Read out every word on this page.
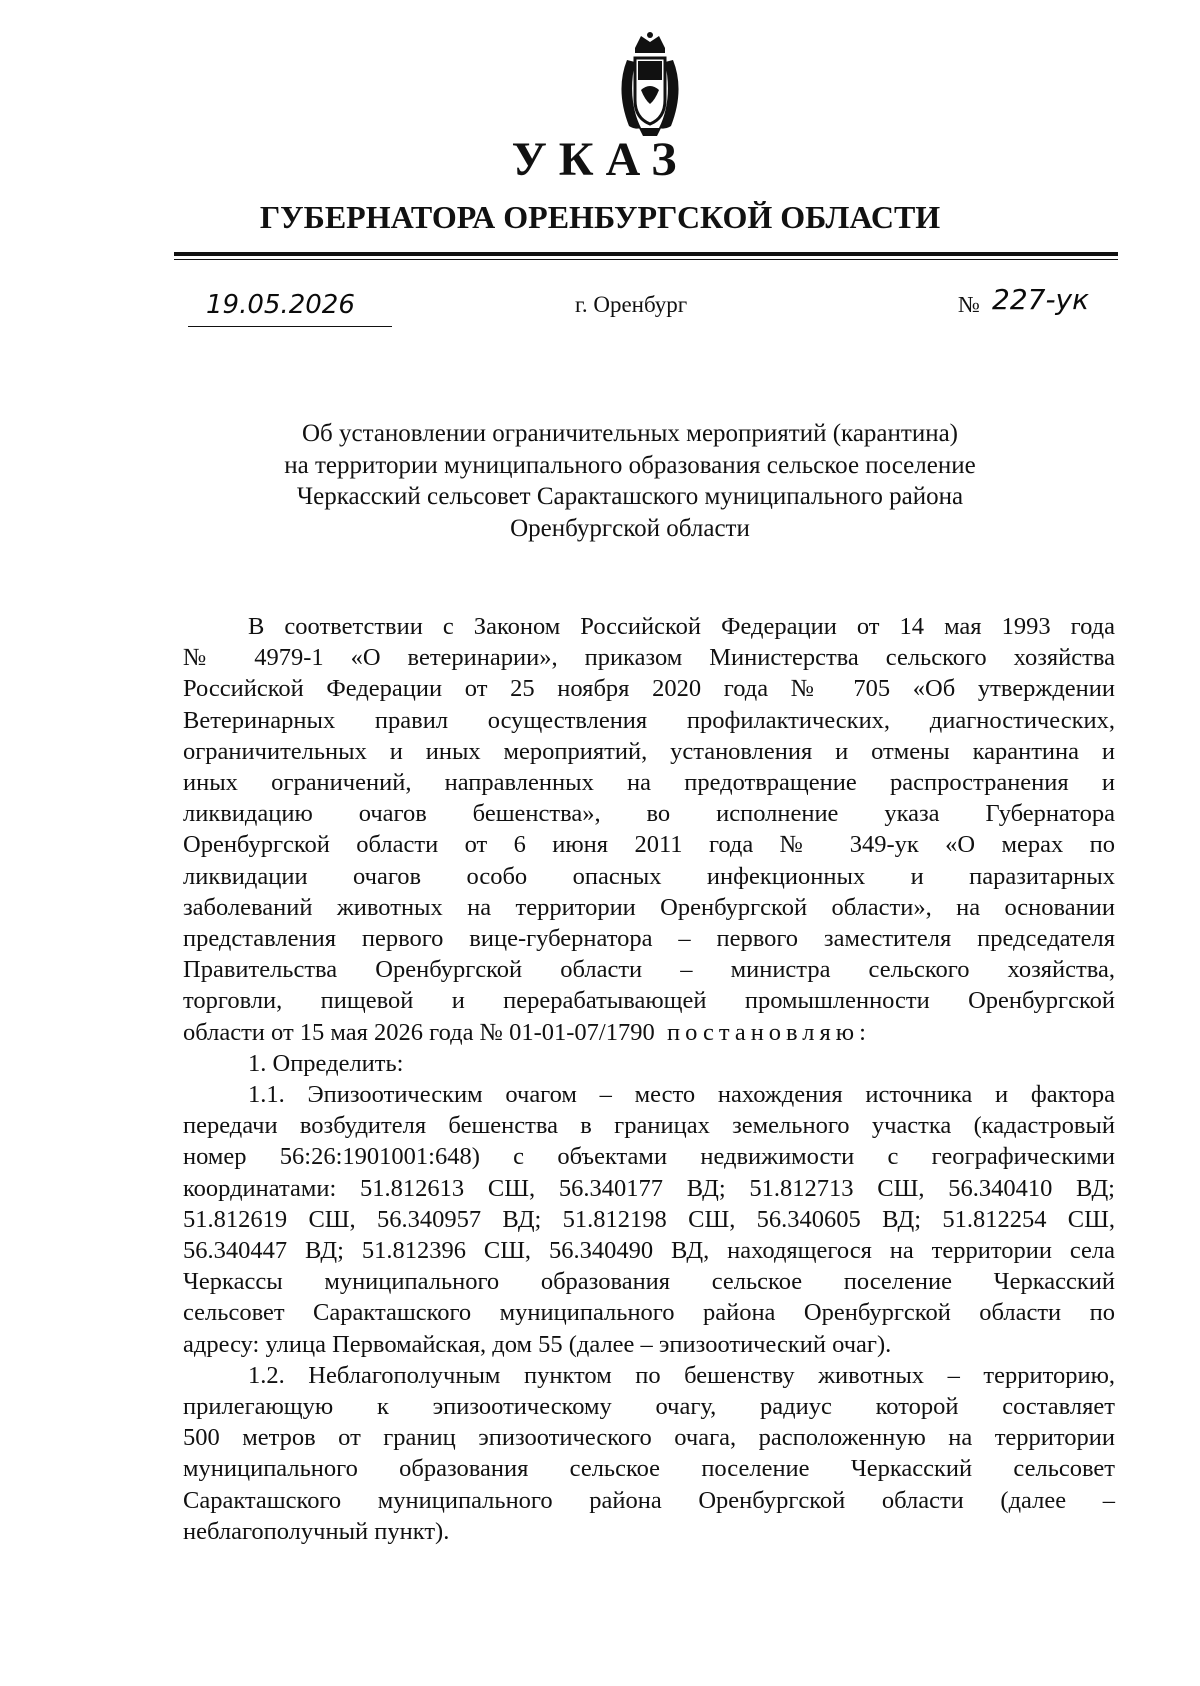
УКАЗ
ГУБЕРНАТОРА ОРЕНБУРГСКОЙ ОБЛАСТИ
19.05.2026	г. Оренбург	№ 227-ук
Об установлении ограничительных мероприятий (карантина)
на территории муниципального образования сельское поселение
Черкасский сельсовет Саракташского муниципального района
Оренбургской области
В соответствии с Законом Российской Федерации от 14 мая 1993 года
№ 4979-1 «О ветеринарии», приказом Министерства сельского хозяйства
Российской Федерации от 25 ноября 2020 года № 705 «Об утверждении
Ветеринарных правил осуществления профилактических, диагностических,
ограничительных и иных мероприятий, установления и отмены карантина и
иных ограничений, направленных на предотвращение распространения и
ликвидацию очагов бешенства», во исполнение указа Губернатора
Оренбургской области от 6 июня 2011 года № 349-ук «О мерах по
ликвидации очагов особо опасных инфекционных и паразитарных
заболеваний животных на территории Оренбургской области», на основании
представления первого вице-губернатора – первого заместителя председателя
Правительства Оренбургской области – министра сельского хозяйства,
торговли, пищевой и перерабатывающей промышленности Оренбургской
области от 15 мая 2026 года № 01-01-07/1790 постановляю:
1. Определить:
1.1. Эпизоотическим очагом – место нахождения источника и фактора
передачи возбудителя бешенства в границах земельного участка (кадастровый
номер 56:26:1901001:648) с объектами недвижимости с географическими
координатами: 51.812613 СШ, 56.340177 ВД; 51.812713 СШ, 56.340410 ВД;
51.812619 СШ, 56.340957 ВД; 51.812198 СШ, 56.340605 ВД; 51.812254 СШ,
56.340447 ВД; 51.812396 СШ, 56.340490 ВД, находящегося на территории села
Черкассы муниципального образования сельское поселение Черкасский
сельсовет Саракташского муниципального района Оренбургской области по
адресу: улица Первомайская, дом 55 (далее – эпизоотический очаг).
1.2. Неблагополучным пунктом по бешенству животных – территорию,
прилегающую к эпизоотическому очагу, радиус которой составляет
500 метров от границ эпизоотического очага, расположенную на территории
муниципального образования сельское поселение Черкасский сельсовет
Саракташского муниципального района Оренбургской области (далее –
неблагополучный пункт).
